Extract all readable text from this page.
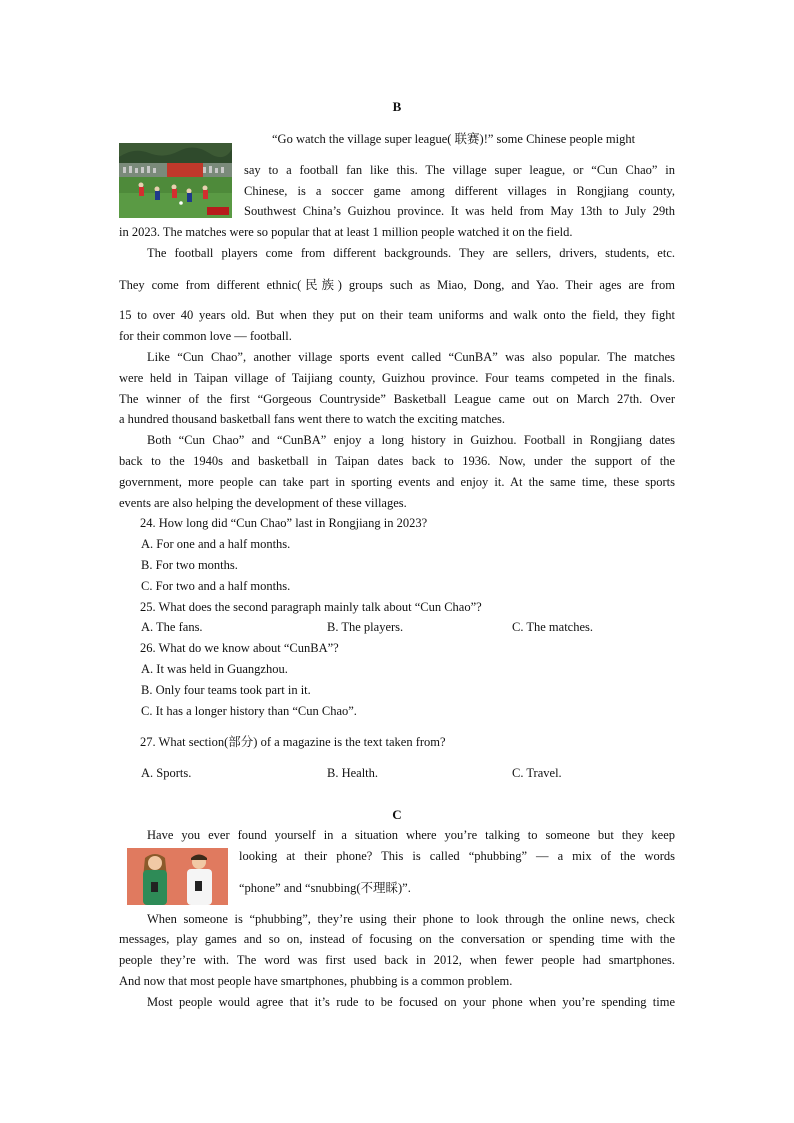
B
“Go watch the village super league( 联赛)!” some Chinese people might
say to a football fan like this. The village super league, or “Cun Chao” in
Chinese, is a soccer game among different villages in Rongjiang county,
Southwest China’s Guizhou province. It was held from May 13th to July 29th
in 2023. The matches were so popular that at least 1 million people watched it on the field.
The football players come from different backgrounds. They are sellers, drivers, students, etc.
They come from different ethnic(民族) groups such as Miao, Dong, and Yao. Their ages are from
15 to over 40 years old. But when they put on their team uniforms and walk onto the field, they fight
for their common love — football.
Like “Cun Chao”, another village sports event called “CunBA” was also popular. The matches
were held in Taipan village of Taijiang county, Guizhou province. Four teams competed in the finals.
The winner of the first “Gorgeous Countryside” Basketball League came out on March 27th. Over
a hundred thousand basketball fans went there to watch the exciting matches.
Both “Cun Chao” and “CunBA” enjoy a long history in Guizhou. Football in Rongjiang dates
back to the 1940s and basketball in Taipan dates back to 1936. Now, under the support of the
government, more people can take part in sporting events and enjoy it. At the same time, these sports
events are also helping the development of these villages.
24. How long did “Cun Chao” last in Rongjiang in 2023?
A. For one and a half months.
B. For two months.
C. For two and a half months.
25. What does the second paragraph mainly talk about “Cun Chao”?
A. The fans.	B. The players.	C. The matches.
26. What do we know about “CunBA”?
A. It was held in Guangzhou.
B. Only four teams took part in it.
C. It has a longer history than “Cun Chao”.
27. What section(部分) of a magazine is the text taken from?
A. Sports.	B. Health.	C. Travel.
C
Have you ever found yourself in a situation where you’re talking to someone but they keep
looking at their phone? This is called “phubbing” — a mix of the words
“phone” and “snubbing(不理睬)”.
When someone is “phubbing”, they’re using their phone to look through the online news, check
messages, play games and so on, instead of focusing on the conversation or spending time with the
people they’re with. The word was first used back in 2012, when fewer people had smartphones.
And now that most people have smartphones, phubbing is a common problem.
Most people would agree that it’s rude to be focused on your phone when you’re spending time
